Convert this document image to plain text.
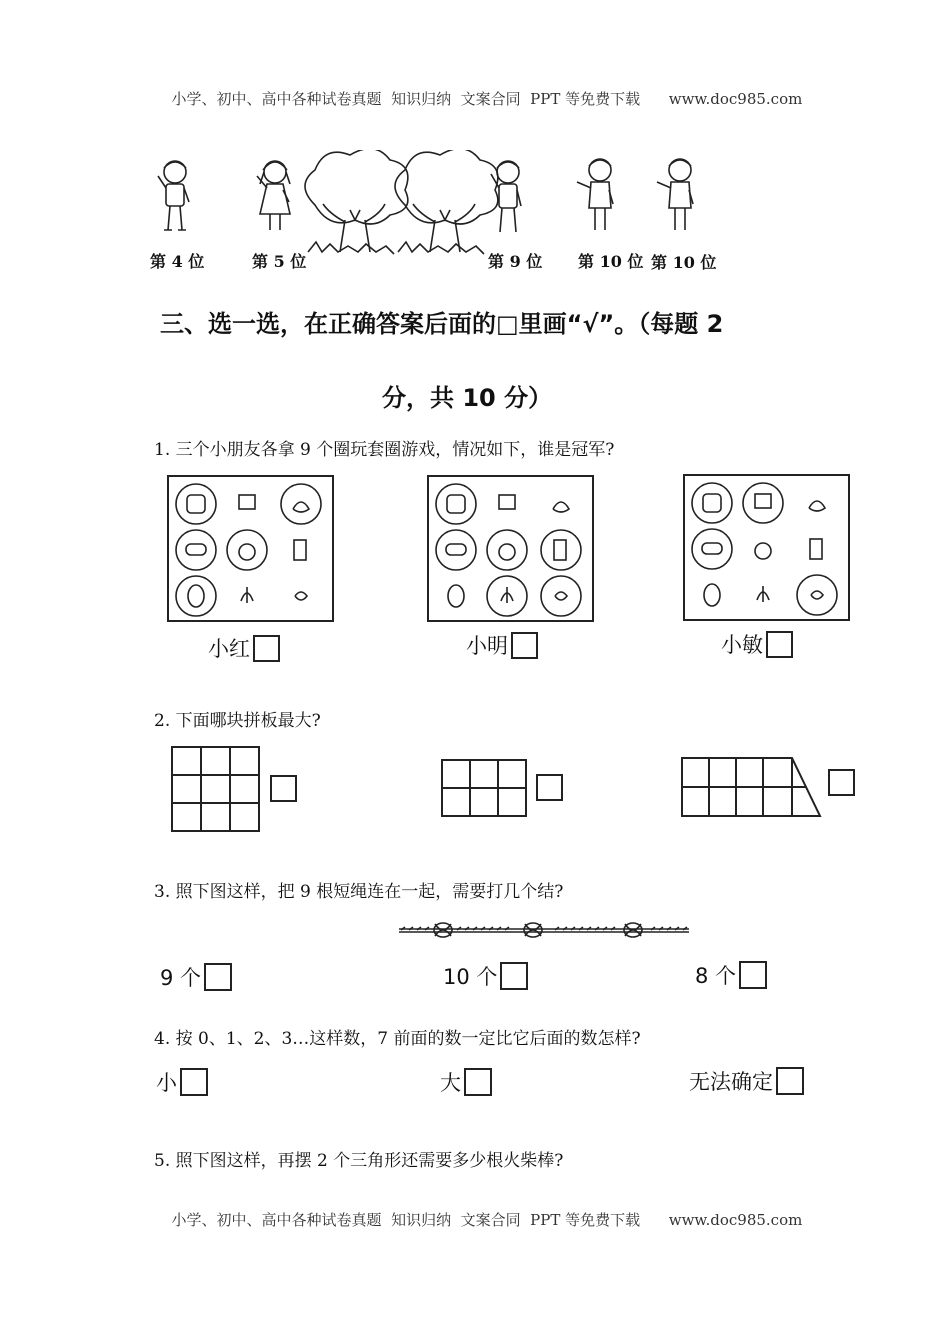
小学、初中、高中各种试卷真题  知识归纳  文案合同  PPT 等免费下载 www.doc985.com

第 4 位	第 5 位	第 9 位 第 10 位 第 10 位
三、选一选，在正确答案后面的□里画“√”。（每题 2
分，共 10 分）
1. 三个小朋友各拿 9 个圈玩套圈游戏，情况如下，谁是冠军?
小红	小明	小敏
2. 下面哪块拼板最大?
3. 照下图这样，把 9 根短绳连在一起，需要打几个结?
9 个	10 个	8 个
4. 按 0、1、2、3…这样数，7 前面的数一定比它后面的数怎样?
小	大	无法确定
5. 照下图这样，再摆 2 个三角形还需要多少根火柴棒?

小学、初中、高中各种试卷真题  知识归纳  文案合同  PPT 等免费下载 www.doc985.com
